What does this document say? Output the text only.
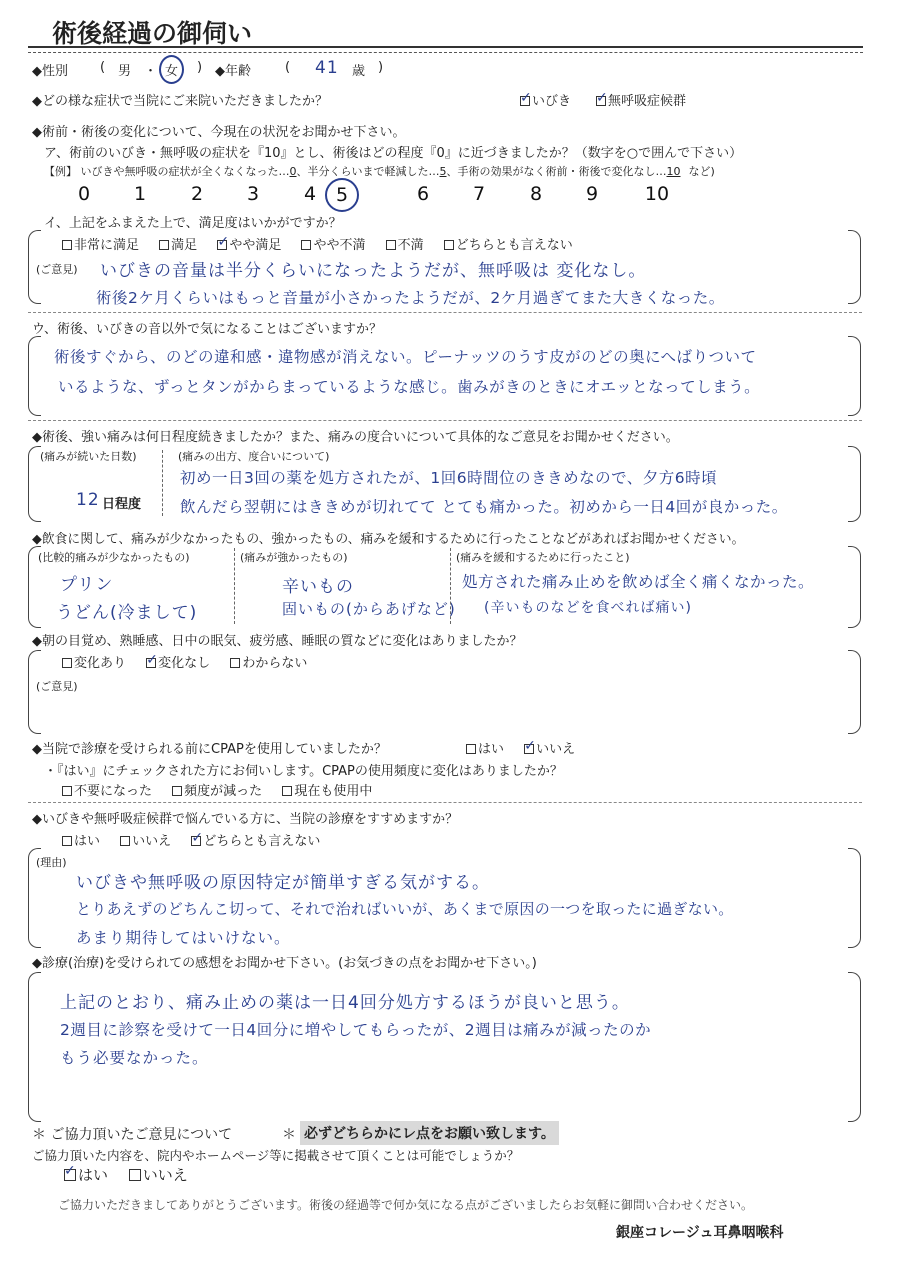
術後経過の御伺い
◆性別 ( 男 ・ 女	) ◆年齢	( 41 歳 )
◆どの様な症状で当院にご来院いただきましたか？ ✓	いびき ✓	無呼吸症候群
◆術前・術後の変化について、今現在の状況をお聞かせ下さい。
ア、術前のいびき・無呼吸の症状を『10』とし、術後はどの程度『0』に近づきましたか？（数字を○で囲んで下さい）
【例】 いびきや無呼吸の症状が全くなくなった…0、半分くらいまで軽減した…5、手術の効果がなく術前・術後で変化なし…10 など)
0	1	2	3	4	5	6	7	8	9	10
イ、上記をふまえた上で、満足度はいかがですか？
非常に満足 満足 ✓ やや満足 やや不満 不満 どちらとも言えない
(ご意見) いびきの音量は半分くらいになったようだが、無呼吸は 変化なし。
術後2ケ月くらいはもっと音量が小さかったようだが、2ケ月過ぎてまた大きくなった。
ウ、術後、いびきの音以外で気になることはございますか？
術後すぐから、のどの違和感・違物感が消えない。ピーナッツのうす皮がのどの奥にへばりついて
いるような、ずっとタンがからまっているような感じ。歯みがきのときにオエッとなってしまう。
◆術後、強い痛みは何日程度続きましたか？また、痛みの度合いについて具体的なご意見をお聞かせください。
(痛みが続いた日数)
12 日程度
(痛みの出方、度合いについて)
初め一日3回の薬を処方されたが、1回6時間位のききめなので、夕方6時頃
飲んだら翌朝にはききめが切れてて とても痛かった。初めから一日4回が良かった。
◆飲食に関して、痛みが少なかったもの、強かったもの、痛みを緩和するために行ったことなどがあればお聞かせください。
(比較的痛みが少なかったもの)
プリン
うどん(冷まして)
(痛みが強かったもの)
辛いもの
固いもの(からあげなど)
(痛みを緩和するために行ったこと)
処方された痛み止めを飲めば全く痛くなかった。
(辛いものなどを食べれば痛い)
◆朝の目覚め、熟睡感、日中の眠気、疲労感、睡眠の質などに変化はありましたか？
変化あり ✓ 変化なし わからない
(ご意見)
◆当院で診療を受けられる前にCPAPを使用していましたか？	はい ✓ いいえ
・『はい』にチェックされた方にお伺いします。CPAPの使用頻度に変化はありましたか？
不要になった 頻度が減った 現在も使用中
◆いびきや無呼吸症候群で悩んでいる方に、当院の診療をすすめますか？
はい いいえ ✓ どちらとも言えない
(理由)
いびきや無呼吸の原因特定が簡単すぎる気がする。
とりあえずのどちんこ切って、それで治ればいいが、あくまで原因の一つを取ったに過ぎない。
あまり期待してはいけない。
◆診療(治療)を受けられての感想をお聞かせ下さい。(お気づきの点をお聞かせ下さい。)
上記のとおり、痛み止めの薬は一日4回分処方するほうが良いと思う。
2週目に診察を受けて一日4回分に増やしてもらったが、2週目は痛みが減ったのか
もう必要なかった。
＊ ご協力頂いたご意見について	＊ 必ずどちらかにレ点をお願い致します。
ご協力頂いた内容を、院内やホームページ等に掲載させて頂くことは可能でしょうか？
✓はい いいえ
ご協力いただきましてありがとうございます。術後の経過等で何か気になる点がございましたらお気軽に御問い合わせください。
銀座コレージュ耳鼻咽喉科
